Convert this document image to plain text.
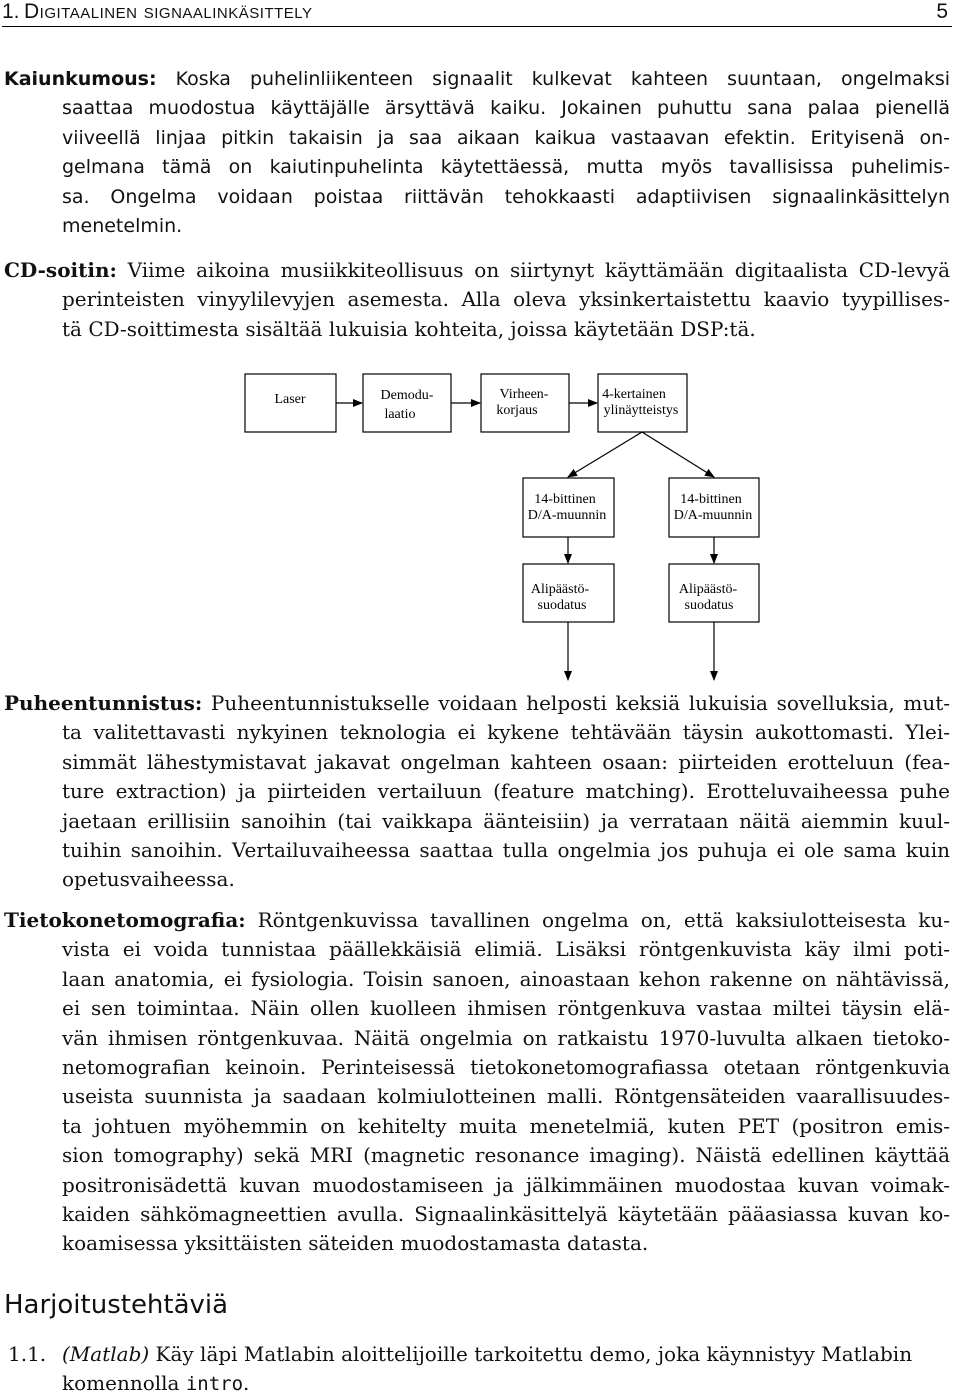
1. Digitaalinen signaalinkäsittely	5
Kaiunkumous: Koska puhelinliikenteen signaalit kulkevat kahteen suuntaan, ongelmaksi
saattaa muodostua käyttäjälle ärsyttävä kaiku. Jokainen puhuttu sana palaa pienellä
viiveellä linjaa pitkin takaisin ja saa aikaan kaikua vastaavan efektin. Erityisenä on-
gelmana tämä on kaiutinpuhelinta käytettäessä, mutta myös tavallisissa puhelimis-
sa. Ongelma voidaan poistaa riittävän tehokkaasti adaptiivisen signaalinkäsittelyn
menetelmin.
CD-soitin: Viime aikoina musiikkiteollisuus on siirtynyt käyttämään digitaalista CD-levyä
perinteisten vinyylilevyjen asemesta. Alla oleva yksinkertaistettu kaavio tyypillises-
tä CD-soittimesta sisältää lukuisia kohteita, joissa käytetään DSP:tä.
Laser	Demodu-
laatio
Virheen-
korjaus
4-kertainen
ylinäytteistys
14-bittinen
D/A-muunnin
14-bittinen
D/A-muunnin
Alipäästö-
suodatus
Alipäästö-
suodatus
Puheentunnistus: Puheentunnistukselle voidaan helposti keksiä lukuisia sovelluksia, mut-
ta valitettavasti nykyinen teknologia ei kykene tehtävään täysin aukottomasti. Ylei-
simmät lähestymistavat jakavat ongelman kahteen osaan: piirteiden erotteluun (fea-
ture extraction) ja piirteiden vertailuun (feature matching). Erotteluvaiheessa puhe
jaetaan erillisiin sanoihin (tai vaikkapa äänteisiin) ja verrataan näitä aiemmin kuul-
tuihin sanoihin. Vertailuvaiheessa saattaa tulla ongelmia jos puhuja ei ole sama kuin
opetusvaiheessa.
Tietokonetomografia: Röntgenkuvissa tavallinen ongelma on, että kaksiulotteisesta ku-
vista ei voida tunnistaa päällekkäisiä elimiä. Lisäksi röntgenkuvista käy ilmi poti-
laan anatomia, ei fysiologia. Toisin sanoen, ainoastaan kehon rakenne on nähtävissä,
ei sen toimintaa. Näin ollen kuolleen ihmisen röntgenkuva vastaa miltei täysin elä-
vän ihmisen röntgenkuvaa. Näitä ongelmia on ratkaistu 1970-luvulta alkaen tietoko-
netomografian keinoin. Perinteisessä tietokonetomografiassa otetaan röntgenkuvia
useista suunnista ja saadaan kolmiulotteinen malli. Röntgensäteiden vaarallisuudes-
ta johtuen myöhemmin on kehitelty muita menetelmiä, kuten PET (positron emis-
sion tomography) sekä MRI (magnetic resonance imaging). Näistä edellinen käyttää
positronisädettä kuvan muodostamiseen ja jälkimmäinen muodostaa kuvan voimak-
kaiden sähkömagneettien avulla. Signaalinkäsittelyä käytetään pääasiassa kuvan ko-
koamisessa yksittäisten säteiden muodostamasta datasta.
Harjoitustehtäviä
1.1. (Matlab) Käy läpi Matlabin aloittelijoille tarkoitettu demo, joka käynnistyy Matlabin
komennolla intro.
